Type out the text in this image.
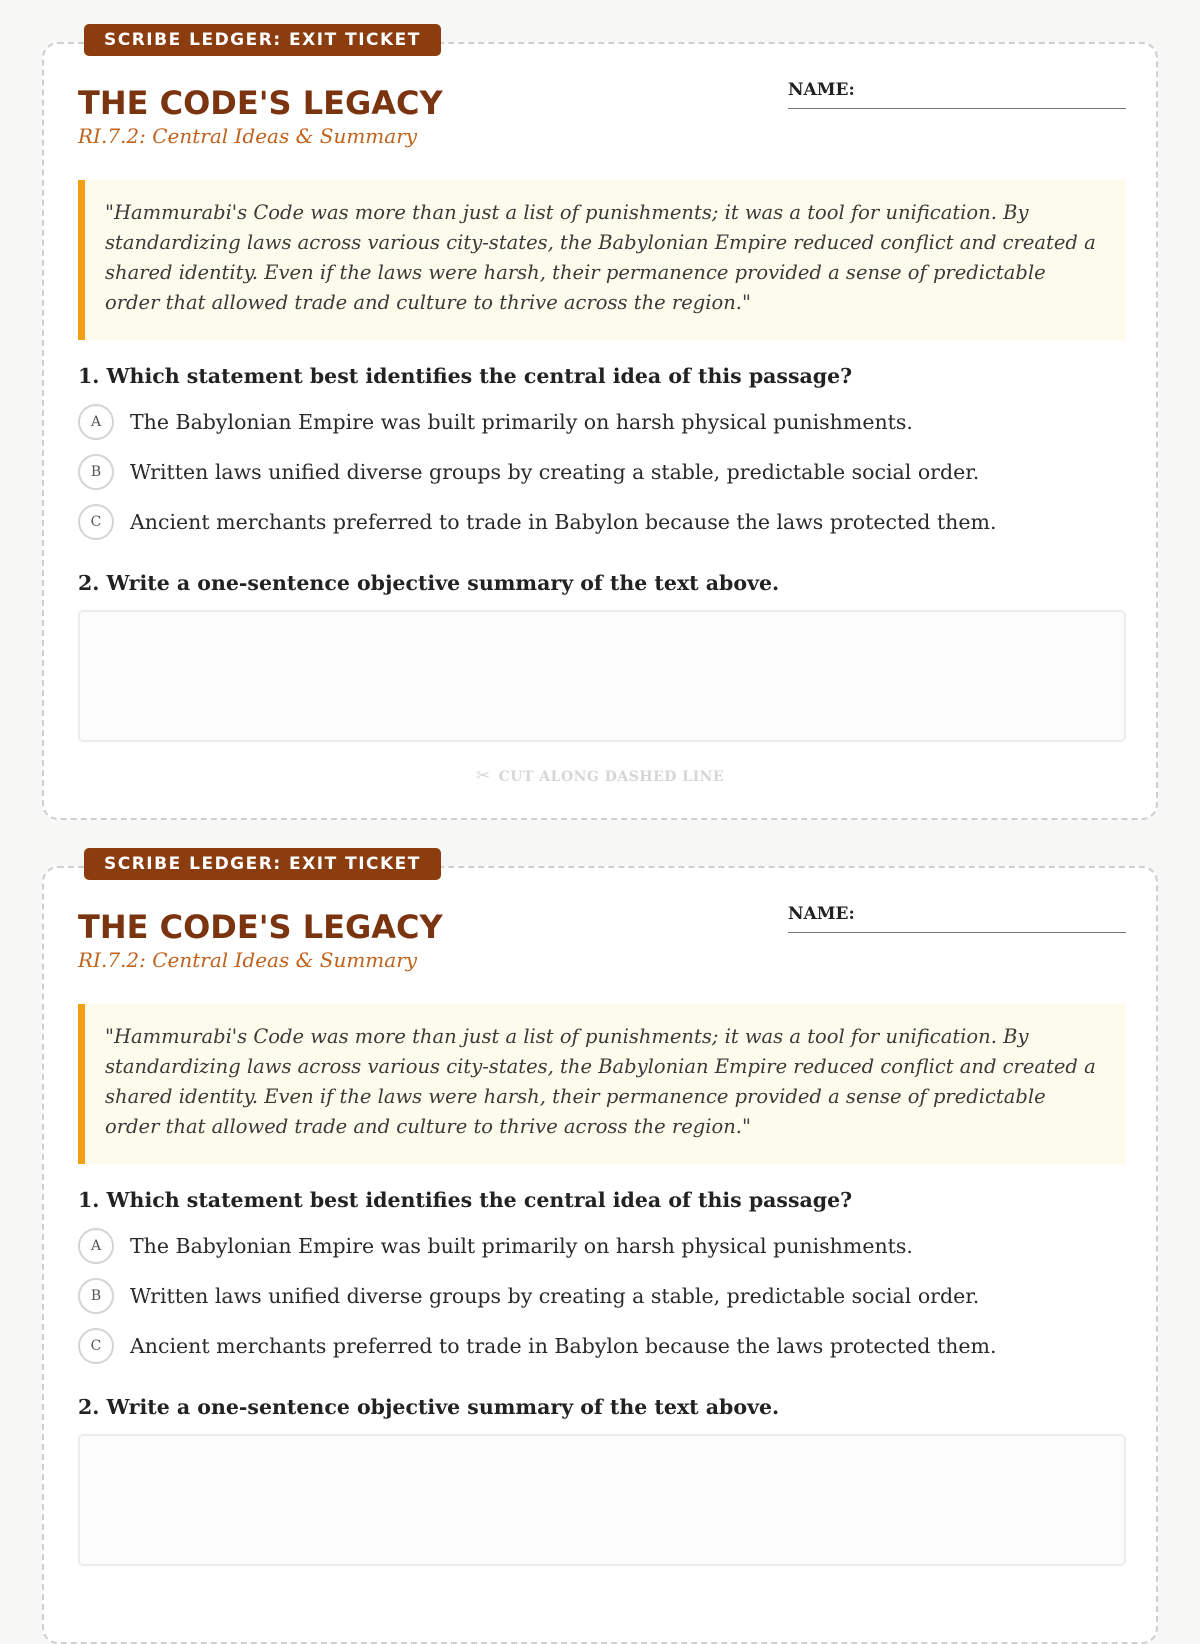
SCRIBE LEDGER: EXIT TICKET
THE CODE'S LEGACY
RI.7.2: Central Ideas & Summary
NAME:
"Hammurabi's Code was more than just a list of punishments; it was a tool for unification. By standardizing laws across various city-states, the Babylonian Empire reduced conflict and created a shared identity. Even if the laws were harsh, their permanence provided a sense of predictable order that allowed trade and culture to thrive across the region."
1. Which statement best identifies the central idea of this passage?
A	The Babylonian Empire was built primarily on harsh physical punishments.
B	Written laws unified diverse groups by creating a stable, predictable social order.
C	Ancient merchants preferred to trade in Babylon because the laws protected them.
2. Write a one-sentence objective summary of the text above.
✂ CUT ALONG DASHED LINE
SCRIBE LEDGER: EXIT TICKET
THE CODE'S LEGACY
RI.7.2: Central Ideas & Summary
NAME:
"Hammurabi's Code was more than just a list of punishments; it was a tool for unification. By standardizing laws across various city-states, the Babylonian Empire reduced conflict and created a shared identity. Even if the laws were harsh, their permanence provided a sense of predictable order that allowed trade and culture to thrive across the region."
1. Which statement best identifies the central idea of this passage?
A	The Babylonian Empire was built primarily on harsh physical punishments.
B	Written laws unified diverse groups by creating a stable, predictable social order.
C	Ancient merchants preferred to trade in Babylon because the laws protected them.
2. Write a one-sentence objective summary of the text above.
